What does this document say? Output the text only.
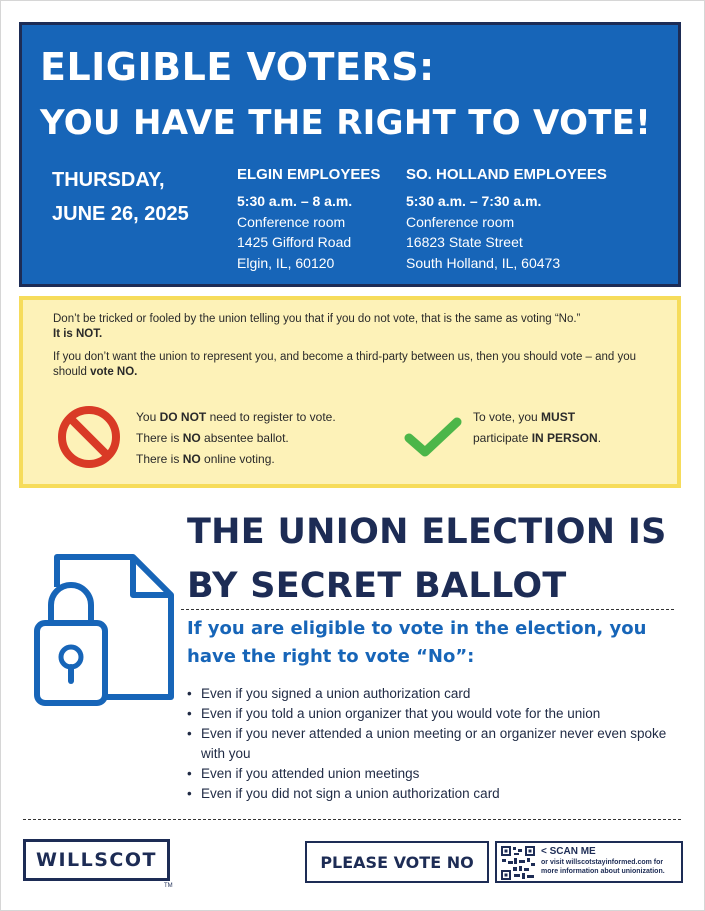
ELIGIBLE VOTERS:
YOU HAVE THE RIGHT TO VOTE!
THURSDAY,
JUNE 26, 2025
ELGIN EMPLOYEES
5:30 a.m. – 8 a.m.
Conference room
1425 Gifford Road
Elgin, IL, 60120
SO. HOLLAND EMPLOYEES
5:30 a.m. – 7:30 a.m.
Conference room
16823 State Street
South Holland, IL, 60473

Don’t be tricked or fooled by the union telling you that if you do not vote, that is the same as voting “No.”
It is NOT.

If you don’t want the union to represent you, and become a third-party between us, then you should vote – and you should vote NO.

You DO NOT need to register to vote.
There is NO absentee ballot.
There is NO online voting.
To vote, you MUST
participate IN PERSON.
THE UNION ELECTION IS
BY SECRET BALLOT
If you are eligible to vote in the election, you have the right to vote “No”:
• Even if you signed a union authorization card
• Even if you told a union organizer that you would vote for the union
• Even if you never attended a union meeting or an organizer never even spoke with you
• Even if you attended union meetings
• Even if you did not sign a union authorization card
WILLSCOT
TM
PLEASE VOTE NO
< SCAN ME
or visit willscotstayinformed.com for more information about unionization.
